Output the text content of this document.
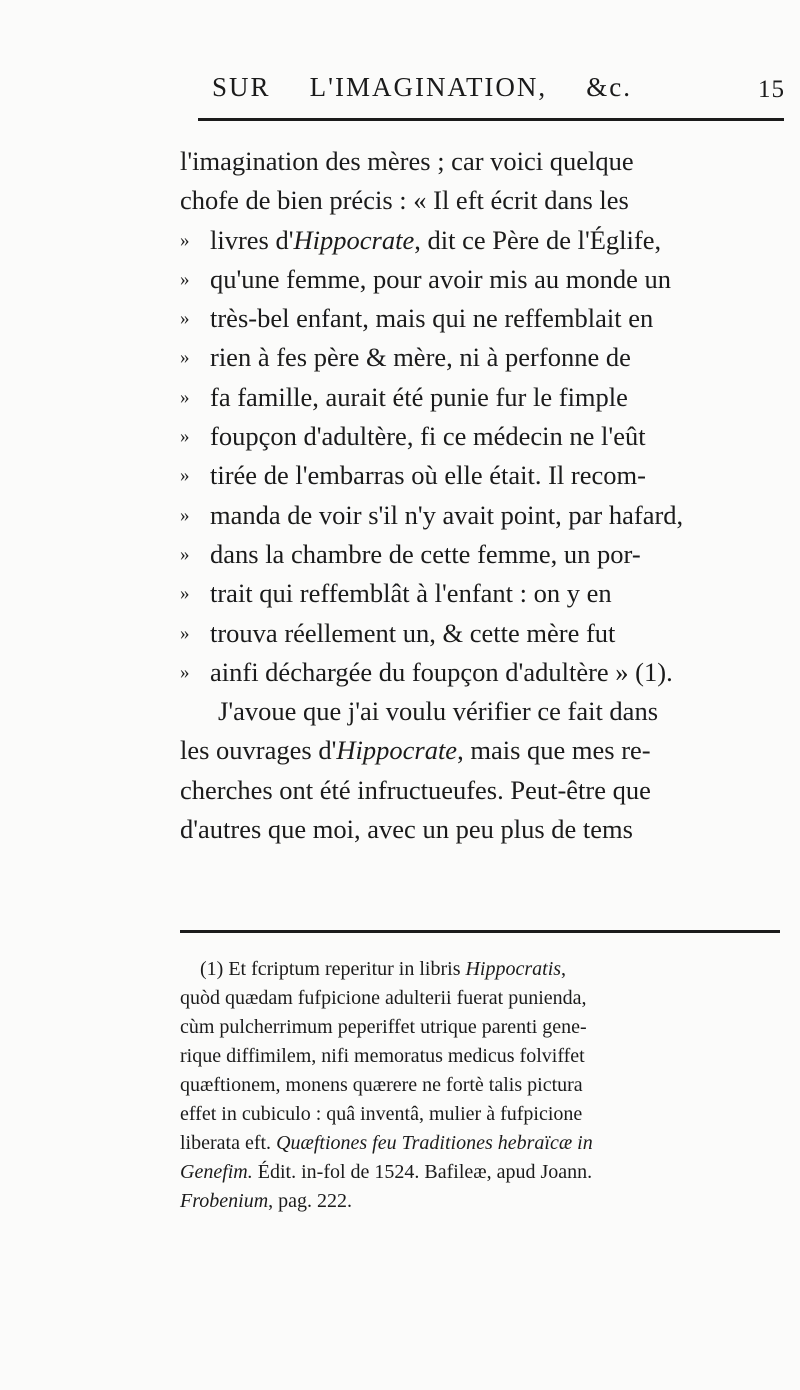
SUR L'IMAGINATION, &c.	15
l'imagination des mères ; car voici quelque
chofe de bien précis : « Il eft écrit dans les
» livres d'Hippocrate, dit ce Père de l'Églife,
» qu'une femme, pour avoir mis au monde un
» très-bel enfant, mais qui ne reffemblait en
» rien à fes père & mère, ni à perfonne de
» fa famille, aurait été punie fur le fimple
» foupçon d'adultère, fi ce médecin ne l'eût
» tirée de l'embarras où elle était. Il recom-
» manda de voir s'il n'y avait point, par hafard,
» dans la chambre de cette femme, un por-
» trait qui reffemblât à l'enfant : on y en
» trouva réellement un, & cette mère fut
» ainfi déchargée du foupçon d'adultère » (1).
J'avoue que j'ai voulu vérifier ce fait dans
les ouvrages d'Hippocrate, mais que mes re-
cherches ont été infructueufes. Peut-être que
d'autres que moi, avec un peu plus de tems
(1) Et fcriptum reperitur in libris Hippocratis,
quòd quædam fufpicione adulterii fuerat punienda,
cùm pulcherrimum peperiffet utrique parenti gene-
rique diffimilem, nifi memoratus medicus folviffet
quæftionem, monens quærere ne fortè talis pictura
effet in cubiculo : quâ inventâ, mulier à fufpicione
liberata eft. Quæftiones feu Traditiones hebraïcæ in
Genefim. Édit. in-fol de 1524. Bafileæ, apud Joann.
Frobenium, pag. 222.
